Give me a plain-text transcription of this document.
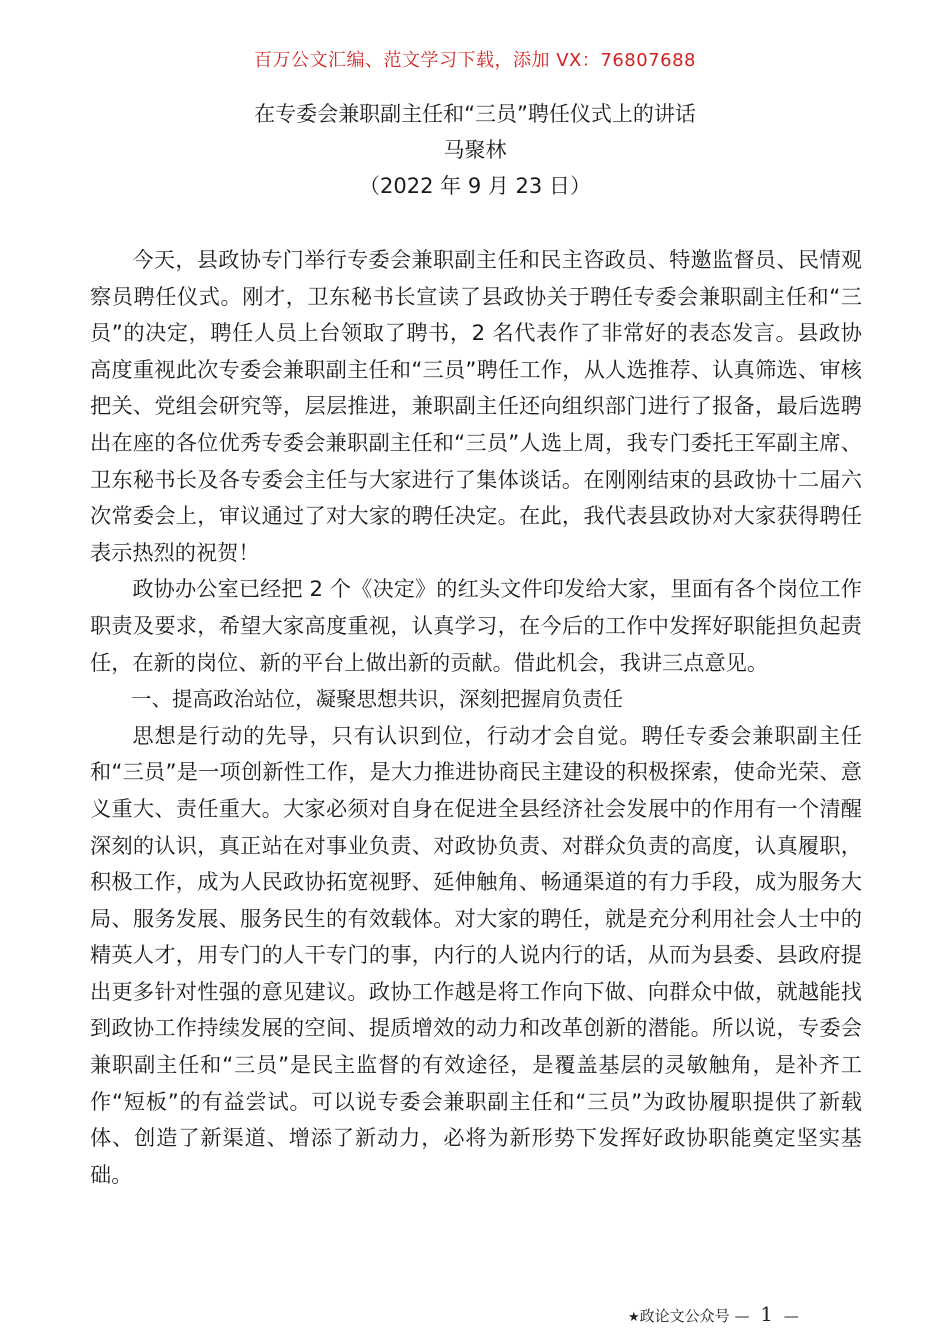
百万公文汇编、范文学习下载，添加 VX：76807688
在专委会兼职副主任和“三员”聘任仪式上的讲话
马聚林
（2022 年 9 月 23 日）

今天，县政协专门举行专委会兼职副主任和民主咨政员、特邀监督员、民情观察员聘任仪式。刚才，卫东秘书长宣读了县政协关于聘任专委会兼职副主任和“三员”的决定，聘任人员上台领取了聘书，2 名代表作了非常好的表态发言。县政协高度重视此次专委会兼职副主任和“三员”聘任工作，从人选推荐、认真筛选、审核把关、党组会研究等，层层推进，兼职副主任还向组织部门进行了报备，最后选聘出在座的各位优秀专委会兼职副主任和“三员”人选上周，我专门委托王军副主席、卫东秘书长及各专委会主任与大家进行了集体谈话。在刚刚结束的县政协十二届六次常委会上，审议通过了对大家的聘任决定。在此，我代表县政协对大家获得聘任表示热烈的祝贺！

政协办公室已经把 2 个《决定》的红头文件印发给大家，里面有各个岗位工作职责及要求，希望大家高度重视，认真学习，在今后的工作中发挥好职能担负起责任，在新的岗位、新的平台上做出新的贡献。借此机会，我讲三点意见。

一、提高政治站位，凝聚思想共识，深刻把握肩负责任

思想是行动的先导，只有认识到位，行动才会自觉。聘任专委会兼职副主任和“三员”是一项创新性工作，是大力推进协商民主建设的积极探索，使命光荣、意义重大、责任重大。大家必须对自身在促进全县经济社会发展中的作用有一个清醒深刻的认识，真正站在对事业负责、对政协负责、对群众负责的高度，认真履职，积极工作，成为人民政协拓宽视野、延伸触角、畅通渠道的有力手段，成为服务大局、服务发展、服务民生的有效载体。对大家的聘任，就是充分利用社会人士中的精英人才，用专门的人干专门的事，内行的人说内行的话，从而为县委、县政府提出更多针对性强的意见建议。政协工作越是将工作向下做、向群众中做，就越能找到政协工作持续发展的空间、提质增效的动力和改革创新的潜能。所以说，专委会兼职副主任和“三员”是民主监督的有效途径，是覆盖基层的灵敏触角，是补齐工作“短板”的有益尝试。可以说专委会兼职副主任和“三员”为政协履职提供了新载体、创造了新渠道、增添了新动力，必将为新形势下发挥好政协职能奠定坚实基础。

★政论文公众号 — 1 —
